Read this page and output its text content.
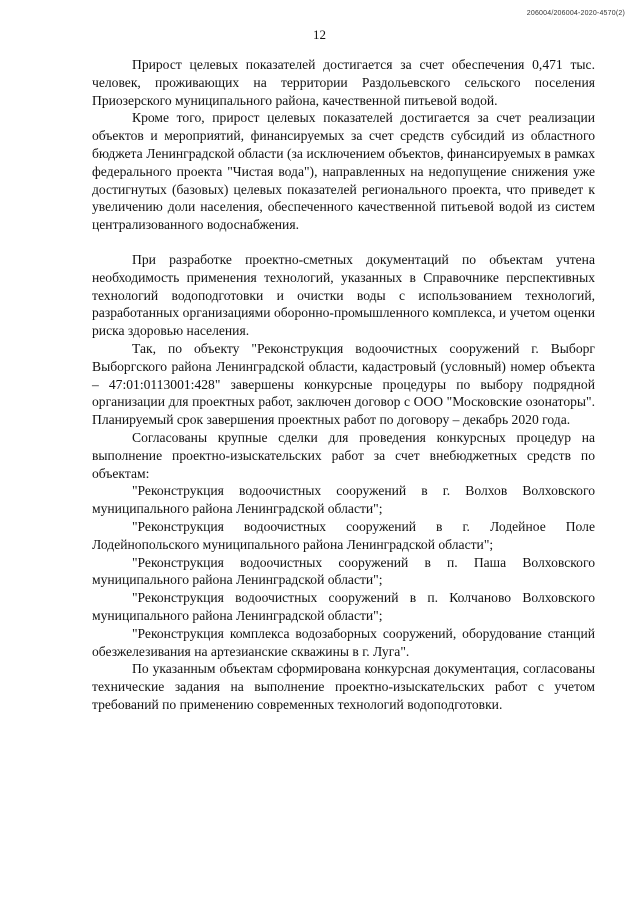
206004/206004-2020-4570(2)
12

Прирост целевых показателей достигается за счет обеспечения 0,471 тыс. человек, проживающих на территории Раздольевского сельского поселения Приозерского муниципального района, качественной питьевой водой.

Кроме того, прирост целевых показателей достигается за счет реализации объектов и мероприятий, финансируемых за счет средств субсидий из областного бюджета Ленинградской области (за исключением объектов, финансируемых в рамках федерального проекта "Чистая вода"), направленных на недопущение снижения уже достигнутых (базовых) целевых показателей регионального проекта, что приведет к увеличению доли населения, обеспеченного качественной питьевой водой из систем централизованного водоснабжения.

При разработке проектно-сметных документаций по объектам учтена необходимость применения технологий, указанных в Справочнике перспективных технологий водоподготовки и очистки воды с использованием технологий, разработанных организациями оборонно-промышленного комплекса, и учетом оценки риска здоровью населения.

Так, по объекту "Реконструкция водоочистных сооружений г. Выборг Выборгского района Ленинградской области, кадастровый (условный) номер объекта – 47:01:0113001:428" завершены конкурсные процедуры по выбору подрядной организации для проектных работ, заключен договор с ООО "Московские озонаторы". Планируемый срок завершения проектных работ по договору – декабрь 2020 года.

Согласованы крупные сделки для проведения конкурсных процедур на выполнение проектно-изыскательских работ за счет внебюджетных средств по объектам:

"Реконструкция водоочистных сооружений в г. Волхов Волховского муниципального района Ленинградской области";

"Реконструкция водоочистных сооружений в г. Лодейное Поле Лодейнопольского муниципального района Ленинградской области";

"Реконструкция водоочистных сооружений в п. Паша Волховского муниципального района Ленинградской области";

"Реконструкция водоочистных сооружений в п. Колчаново Волховского муниципального района Ленинградской области";

"Реконструкция комплекса водозаборных сооружений, оборудование станций обезжелезивания на артезианские скважины в г. Луга".

По указанным объектам сформирована конкурсная документация, согласованы технические задания на выполнение проектно-изыскательских работ с учетом требований по применению современных технологий водоподготовки.
